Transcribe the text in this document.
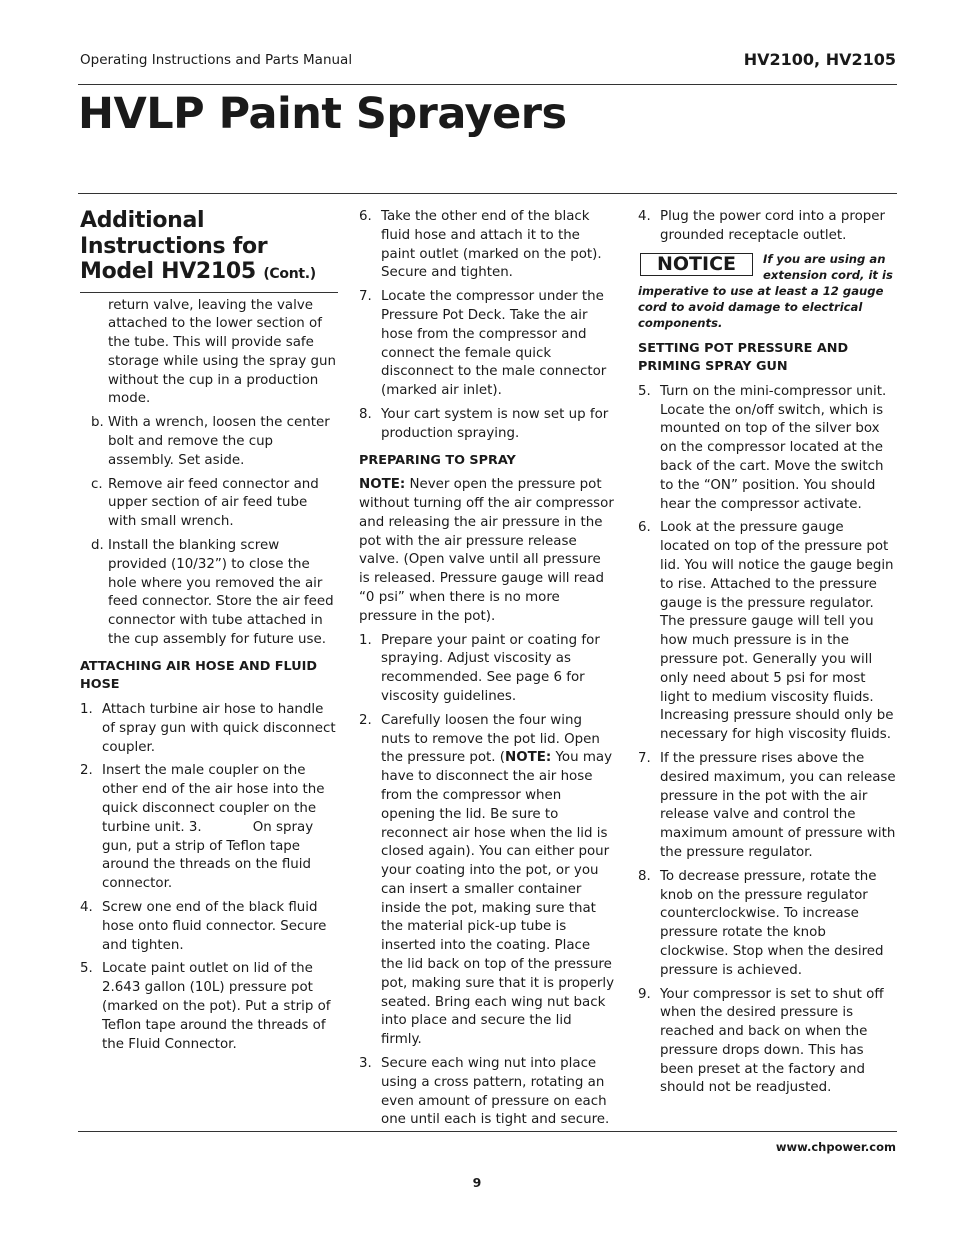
Operating Instructions and Parts Manual	HV2100, HV2105
HVLP Paint Sprayers
Additional Instructions for Model HV2105 (Cont.)
return valve, leaving the valve attached to the lower section of the tube. This will provide safe storage while using the spray gun without the cup in a production mode.
b. With a wrench, loosen the center bolt and remove the cup assembly. Set aside.
c. Remove air feed connector and upper section of air feed tube with small wrench.
d. Install the blanking screw provided (10/32”) to close the hole where you removed the air feed connector. Store the air feed connector with tube attached in the cup assembly for future use.
ATTACHING AIR HOSE AND FLUID HOSE
1. Attach turbine air hose to handle of spray gun with quick disconnect coupler.
2. Insert the male coupler on the other end of the air hose into the quick disconnect coupler on the turbine unit. 3.            On spray gun, put a strip of Teflon tape around the threads on the fluid connector.
4. Screw one end of the black fluid hose onto fluid connector. Secure and tighten.
5. Locate paint outlet on lid of the 2.643 gallon (10L) pressure pot (marked on the pot). Put a strip of Teflon tape around the threads of the Fluid Connector.
6. Take the other end of the black fluid hose and attach it to the paint outlet (marked on the pot). Secure and tighten.
7. Locate the compressor under the Pressure Pot Deck. Take the air hose from the compressor and connect the female quick disconnect to the male connector (marked air inlet).
8. Your cart system is now set up for production spraying.
PREPARING TO SPRAY

NOTE: Never open the pressure pot without turning off the air compressor and releasing the air pressure in the pot with the air pressure release valve. (Open valve until all pressure is released. Pressure gauge will read “0 psi” when there is no more pressure in the pot).

1. Prepare your paint or coating for spraying. Adjust viscosity as recommended. See page 6 for viscosity guidelines.
2. Carefully loosen the four wing nuts to remove the pot lid. Open the pressure pot. (NOTE: You may have to disconnect the air hose from the compressor when opening the lid. Be sure to reconnect air hose when the lid is closed again). You can either pour your coating into the pot, or you can insert a smaller container inside the pot, making sure that the material pick-up tube is inserted into the coating. Place the lid back on top of the pressure pot, making sure that it is properly seated. Bring each wing nut back into place and secure the lid firmly.
3. Secure each wing nut into place using a cross pattern, rotating an even amount of pressure on each one until each is tight and secure.
4. Plug the power cord into a proper grounded receptacle outlet.
NOTICE	If you are using an extension cord, it is imperative to use at least a 12 gauge cord to avoid damage to electrical components.

SETTING POT PRESSURE AND PRIMING SPRAY GUN
5. Turn on the mini-compressor unit. Locate the on/off switch, which is mounted on top of the silver box on the compressor located at the back of the cart. Move the switch to the “ON” position. You should hear the compressor activate.
6. Look at the pressure gauge located on top of the pressure pot lid. You will notice the gauge begin to rise. Attached to the pressure gauge is the pressure regulator. The pressure gauge will tell you how much pressure is in the pressure pot. Generally you will only need about 5 psi for most light to medium viscosity fluids. Increasing pressure should only be necessary for high viscosity fluids.
7. If the pressure rises above the desired maximum, you can release pressure in the pot with the air release valve and control the maximum amount of pressure with the pressure regulator.
8. To decrease pressure, rotate the knob on the pressure regulator counterclockwise. To increase pressure rotate the knob clockwise. Stop when the desired pressure is achieved.
9. Your compressor is set to shut off when the desired pressure is reached and back on when the pressure drops down. This has been preset at the factory and should not be readjusted.
www.chpower.com
9
